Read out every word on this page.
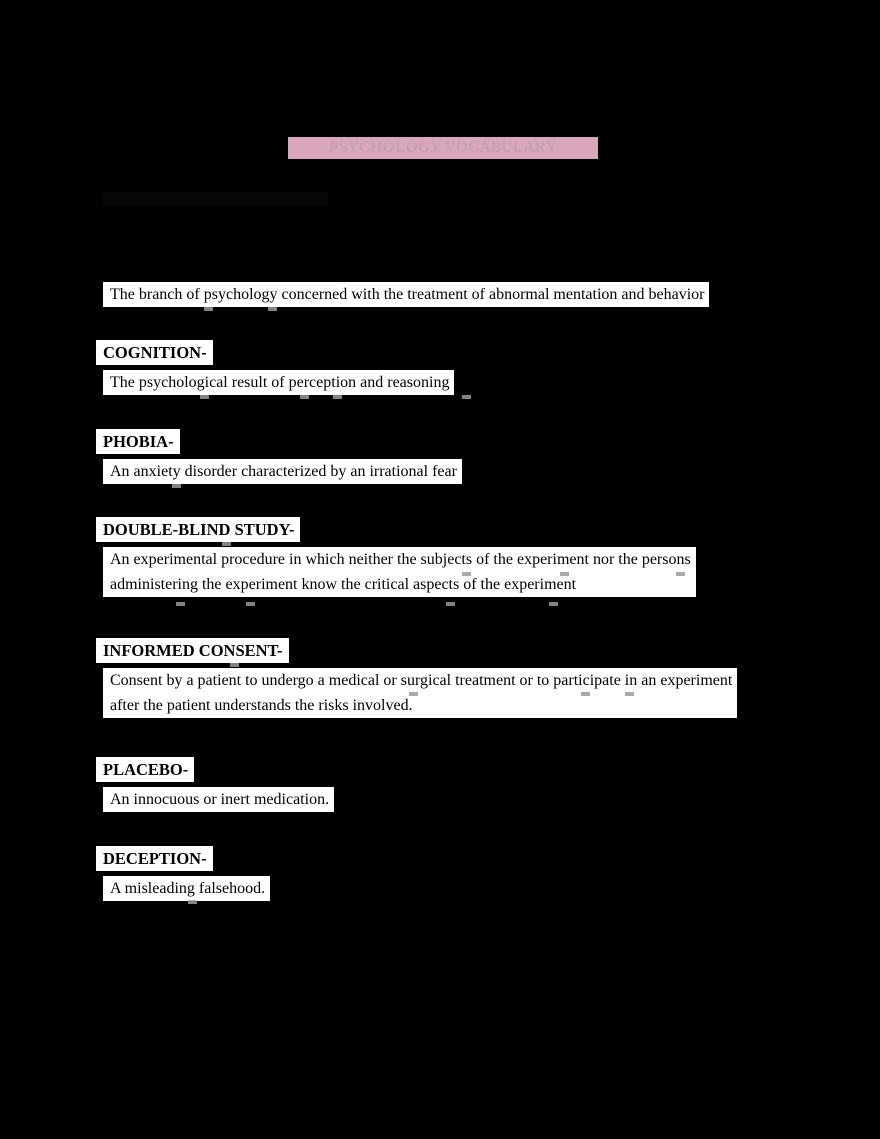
PSYCHOLOGY VOCABULARY
The branch of psychology concerned with the treatment of abnormal mentation and behavior
COGNITION-
The psychological result of perception and reasoning
PHOBIA-
An anxiety disorder characterized by an irrational fear
DOUBLE-BLIND STUDY-
An experimental procedure in which neither the subjects of the experiment nor the persons
administering the experiment know the critical aspects of the experiment
INFORMED CONSENT-
Consent by a patient to undergo a medical or surgical treatment or to participate in an experiment
after the patient understands the risks involved.
PLACEBO-
An innocuous or inert medication.
DECEPTION-
A misleading falsehood.
